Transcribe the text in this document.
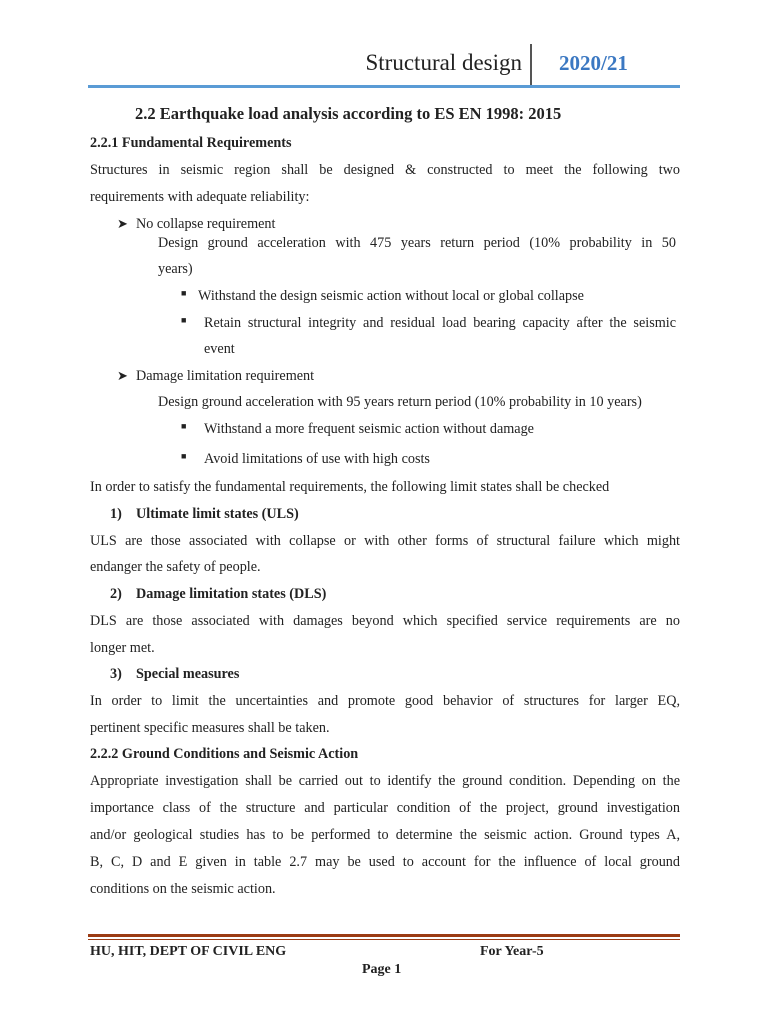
Structural design 2020/21
2.2 Earthquake load analysis according to ES EN 1998: 2015
2.2.1 Fundamental Requirements
Structures in seismic region shall be designed & constructed to meet the following two
requirements with adequate reliability:
➤ No collapse requirement
Design ground acceleration with 475 years return period (10% probability in 50
years)
■ Withstand the design seismic action without local or global collapse
■ Retain structural integrity and residual load bearing capacity after the seismic
event
➤ Damage limitation requirement
Design ground acceleration with 95 years return period (10% probability in 10 years)
■ Withstand a more frequent seismic action without damage
■ Avoid limitations of use with high costs
In order to satisfy the fundamental requirements, the following limit states shall be checked
1) Ultimate limit states (ULS)
ULS are those associated with collapse or with other forms of structural failure which might
endanger the safety of people.
2) Damage limitation states (DLS)
DLS are those associated with damages beyond which specified service requirements are no
longer met.
3) Special measures
In order to limit the uncertainties and promote good behavior of structures for larger EQ,
pertinent specific measures shall be taken.
2.2.2 Ground Conditions and Seismic Action
Appropriate investigation shall be carried out to identify the ground condition. Depending on the
importance class of the structure and particular condition of the project, ground investigation
and/or geological studies has to be performed to determine the seismic action. Ground types A,
B, C, D and E given in table 2.7 may be used to account for the influence of local ground
conditions on the seismic action.
HU, HIT, DEPT OF CIVIL ENG	For Year-5
Page 1
